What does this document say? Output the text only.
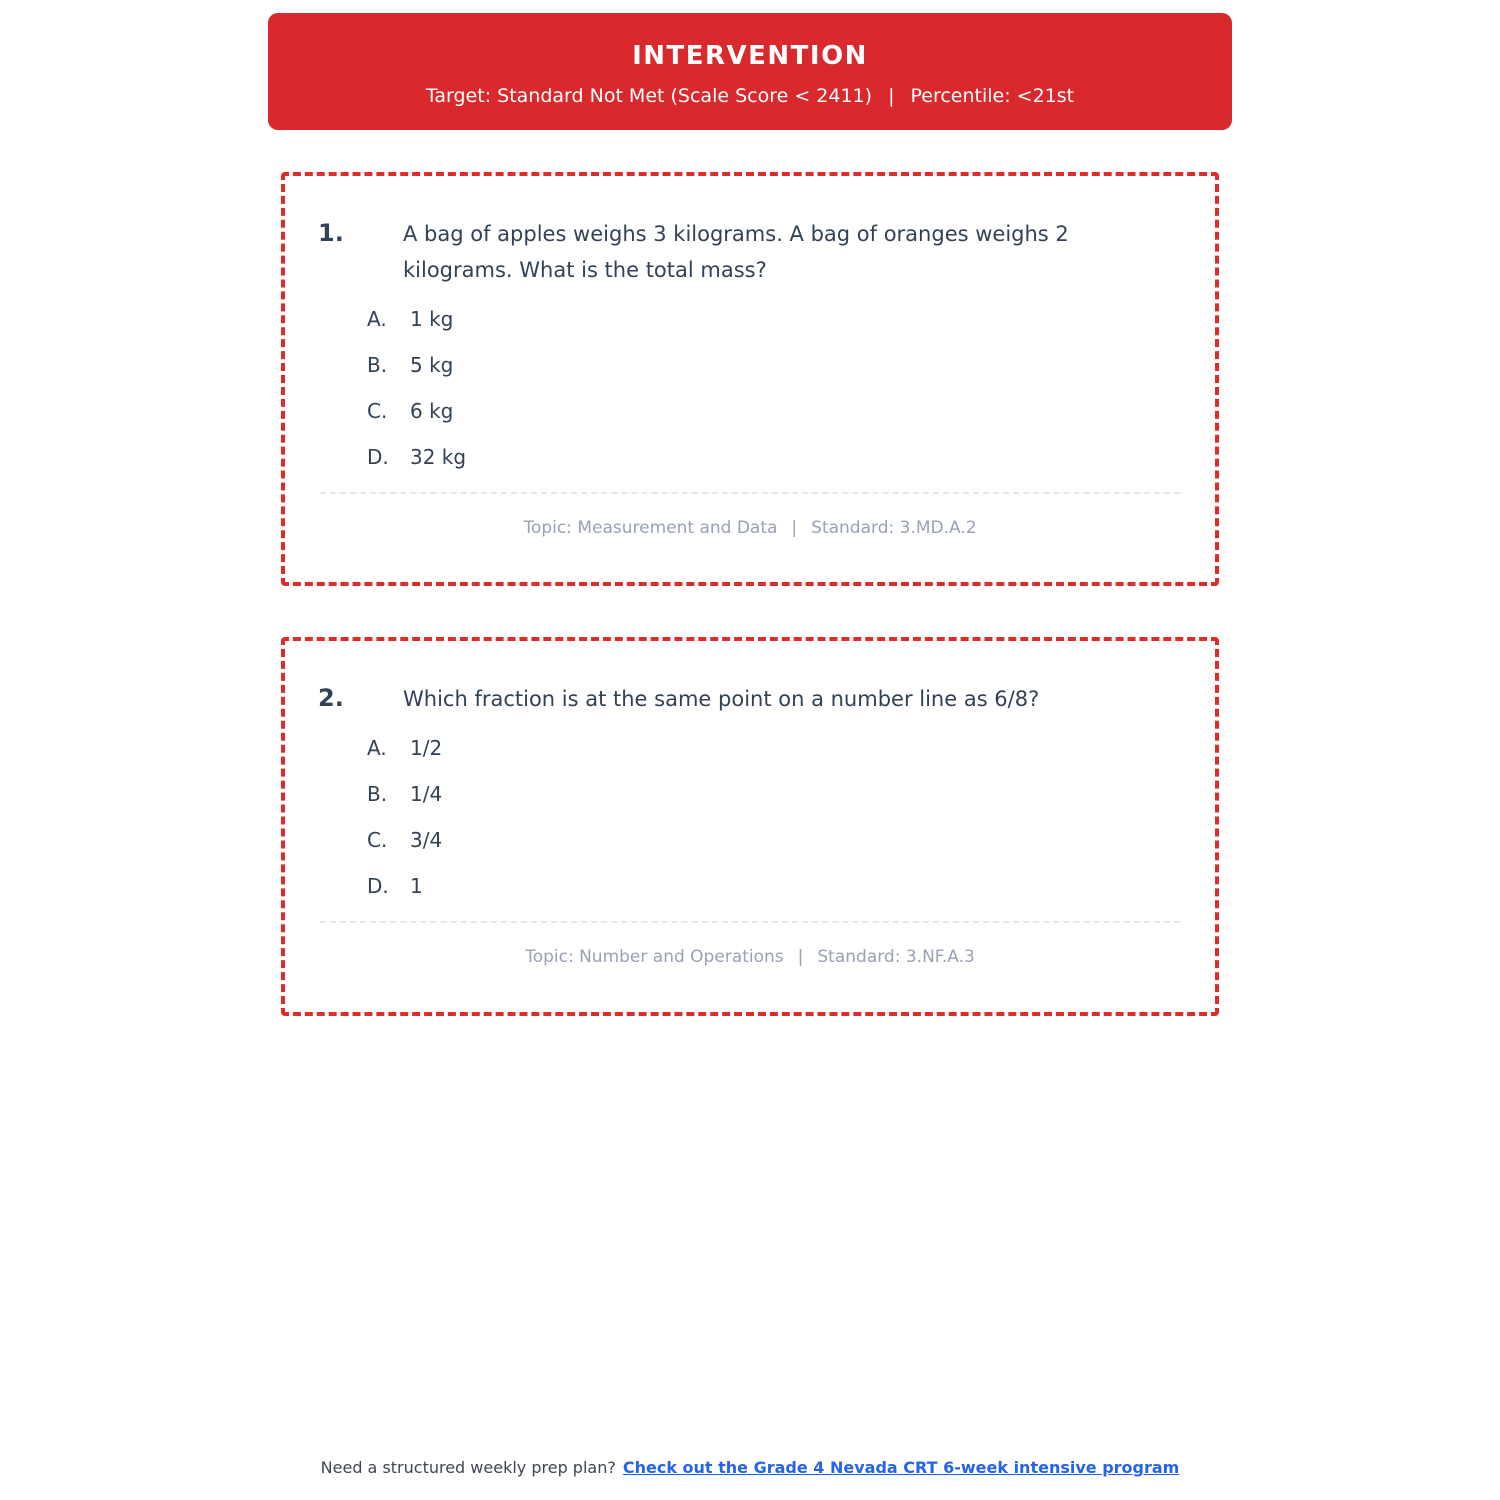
INTERVENTION
Target: Standard Not Met (Scale Score < 2411) | Percentile: <21st
1.	A bag of apples weighs 3 kilograms. A bag of oranges weighs 2 kilograms. What is the total mass?
A.	1 kg
B.	5 kg
C.	6 kg
D.	32 kg
Topic: Measurement and Data | Standard: 3.MD.A.2
2.	Which fraction is at the same point on a number line as 6/8?
A.	1/2
B.	1/4
C.	3/4
D.	1
Topic: Number and Operations | Standard: 3.NF.A.3
Need a structured weekly prep plan? Check out the Grade 4 Nevada CRT 6-week intensive program
